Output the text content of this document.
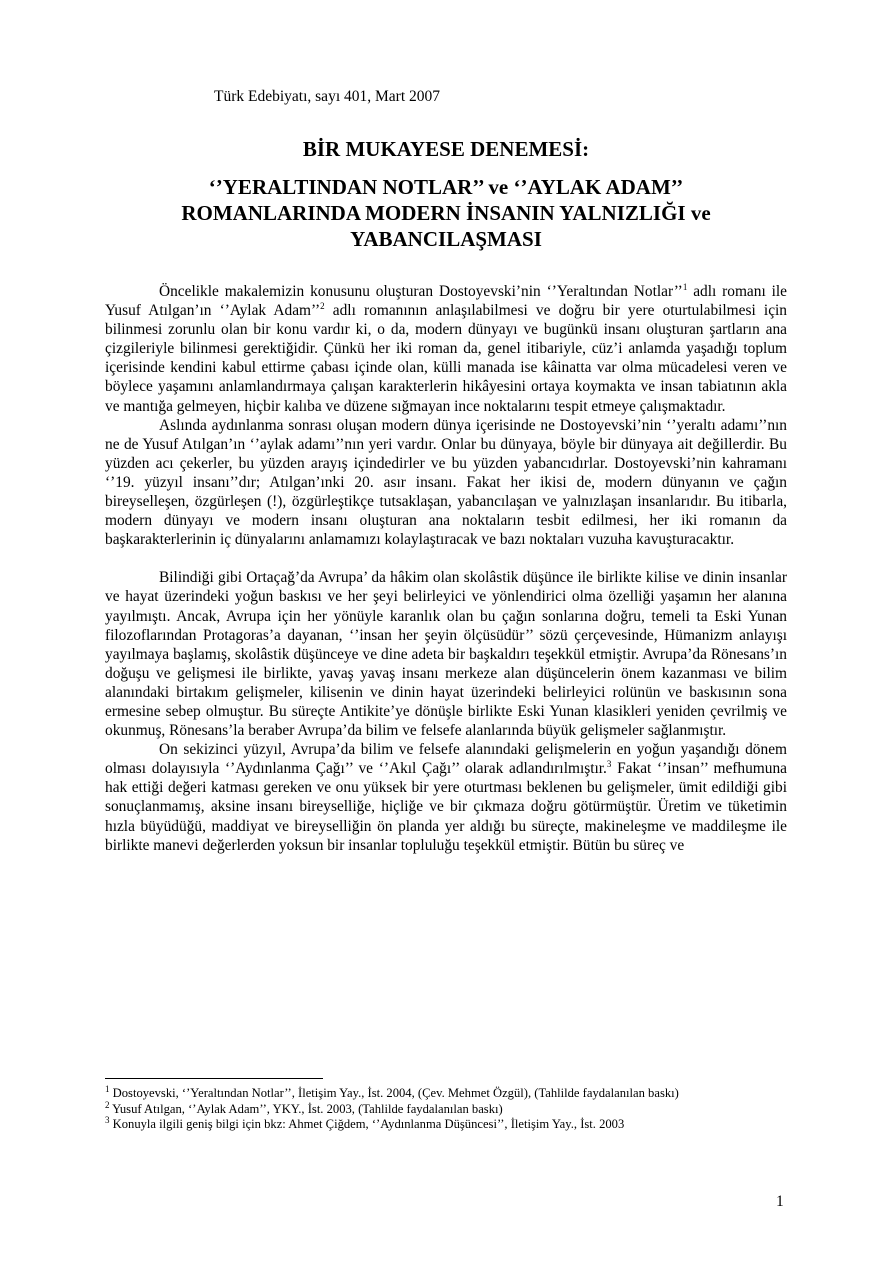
Türk Edebiyatı, sayı 401, Mart 2007
BİR MUKAYESE DENEMESİ:
‘’YERALTINDAN NOTLAR’’ ve ‘’AYLAK ADAM’’
ROMANLARINDA MODERN İNSANIN YALNIZLIĞI ve
YABANCILAŞMASI

Öncelikle makalemizin konusunu oluşturan Dostoyevski’nin ‘’Yeraltından Notlar’’$^1$ adlı romanı ile Yusuf Atılgan’ın ‘’Aylak Adam’’$^2$ adlı romanının anlaşılabilmesi ve doğru bir yere oturtulabilmesi için bilinmesi zorunlu olan bir konu vardır ki, o da, modern dünyayı ve bugünkü insanı oluşturan şartların ana çizgileriyle bilinmesi gerektiğidir. Çünkü her iki roman da, genel itibariyle, cüz’i anlamda yaşadığı toplum içerisinde kendini kabul ettirme çabası içinde olan, külli manada ise kâinatta var olma mücadelesi veren ve böylece yaşamını anlamlandırmaya çalışan karakterlerin hikâyesini ortaya koymakta ve insan tabiatının akla ve mantığa gelmeyen, hiçbir kalıba ve düzene sığmayan ince noktalarını tespit etmeye çalışmaktadır.

Aslında aydınlanma sonrası oluşan modern dünya içerisinde ne Dostoyevski’nin ‘’yeraltı adamı’’nın ne de Yusuf Atılgan’ın ‘’aylak adamı’’nın yeri vardır. Onlar bu dünyaya, böyle bir dünyaya ait değillerdir. Bu yüzden acı çekerler, bu yüzden arayış içindedirler ve bu yüzden yabancıdırlar. Dostoyevski’nin kahramanı ‘’19. yüzyıl insanı’’dır; Atılgan’ınki 20. asır insanı. Fakat her ikisi de, modern dünyanın ve çağın bireyselleşen, özgürleşen (!), özgürleştikçe tutsaklaşan, yabancılaşan ve yalnızlaşan insanlarıdır. Bu itibarla, modern dünyayı ve modern insanı oluşturan ana noktaların tesbit edilmesi, her iki romanın da başkarakterlerinin iç dünyalarını anlamamızı kolaylaştıracak ve bazı noktaları vuzuha kavuşturacaktır.

Bilindiği gibi Ortaçağ’da Avrupa’ da hâkim olan skolâstik düşünce ile birlikte kilise ve dinin insanlar ve hayat üzerindeki yoğun baskısı ve her şeyi belirleyici ve yönlendirici olma özelliği yaşamın her alanına yayılmıştı. Ancak, Avrupa için her yönüyle karanlık olan bu çağın sonlarına doğru, temeli ta Eski Yunan filozoflarından Protagoras’a dayanan, ‘’insan her şeyin ölçüsüdür’’ sözü çerçevesinde, Hümanizm anlayışı yayılmaya başlamış, skolâstik düşünceye ve dine adeta bir başkaldırı teşekkül etmiştir. Avrupa’da Rönesans’ın doğuşu ve gelişmesi ile birlikte, yavaş yavaş insanı merkeze alan düşüncelerin önem kazanması ve bilim alanındaki birtakım gelişmeler, kilisenin ve dinin hayat üzerindeki belirleyici rolünün ve baskısının sona ermesine sebep olmuştur. Bu süreçte Antikite’ye dönüşle birlikte Eski Yunan klasikleri yeniden çevrilmiş ve okunmuş, Rönesans’la beraber Avrupa’da bilim ve felsefe alanlarında büyük gelişmeler sağlanmıştır.

On sekizinci yüzyıl, Avrupa’da bilim ve felsefe alanındaki gelişmelerin en yoğun yaşandığı dönem olması dolayısıyla ‘’Aydınlanma Çağı’’ ve ‘’Akıl Çağı’’ olarak adlandırılmıştır.$^3$ Fakat ‘’insan’’ mefhumuna hak ettiği değeri katması gereken ve onu yüksek bir yere oturtması beklenen bu gelişmeler, ümit edildiği gibi sonuçlanmamış, aksine insanı bireyselliğe, hiçliğe ve bir çıkmaza doğru götürmüştür. Üretim ve tüketimin hızla büyüdüğü, maddiyat ve bireyselliğin ön planda yer aldığı bu süreçte, makineleşme ve maddileşme ile birlikte manevi değerlerden yoksun bir insanlar topluluğu teşekkül etmiştir. Bütün bu süreç ve

$^1$ Dostoyevski, ‘’Yeraltından Notlar’’, İletişim Yay., İst. 2004, (Çev. Mehmet Özgül), (Tahlilde faydalanılan baskı)
$^2$ Yusuf Atılgan, ‘’Aylak Adam’’, YKY., İst. 2003, (Tahlilde faydalanılan baskı)
$^3$ Konuyla ilgili geniş bilgi için bkz: Ahmet Çiğdem, ‘’Aydınlanma Düşüncesi’’, İletişim Yay., İst. 2003
1
